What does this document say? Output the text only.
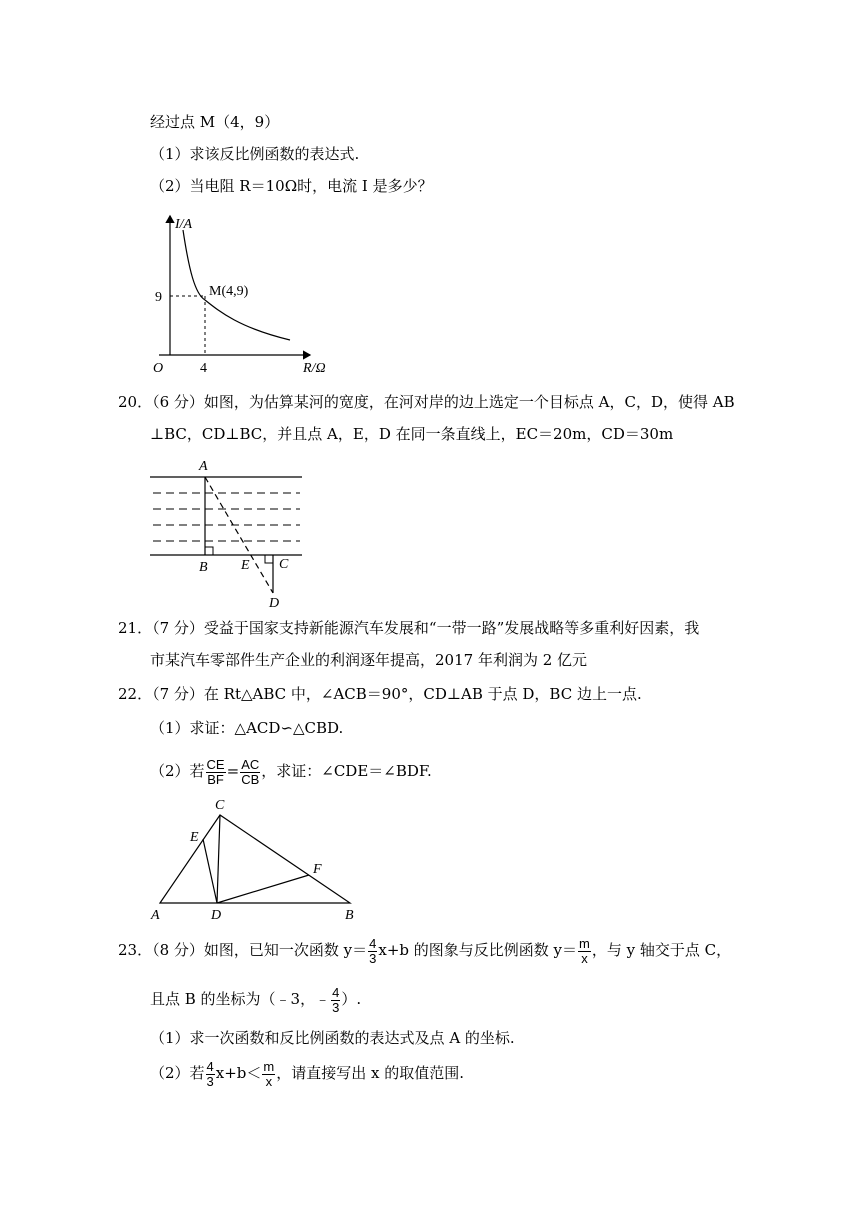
经过点 M（4，9）
（1）求该反比例函数的表达式.
（2）当电阻 R＝10Ω时，电流 I 是多少？
I/A
R/Ω
O	4
9	M(4,9)
20．（6 分）如图，为估算某河的宽度，在河对岸的边上选定一个目标点 A，C，D，使得 AB
⊥BC，CD⊥BC，并且点 A，E，D 在同一条直线上，EC＝20m，CD＝30m
A
B E C
D
21．（7 分）受益于国家支持新能源汽车发展和“一带一路”发展战略等多重利好因素，我
市某汽车零部件生产企业的利润逐年提高，2017 年利润为 2 亿元
22．（7 分）在 Rt△ABC 中，∠ACB＝90°，CD⊥AB 于点 D，BC 边上一点.
（1）求证：△ACD∽△CBD.
（2）若 $\frac{CE}{BF} = \frac{AC}{CB}$ ，求证：∠CDE＝∠BDF.
C
E
F
A	D	B
23．（8 分）如图，已知一次函数 $y= \frac{4}{3} x+b$ 的图象与反比例函数 $y= \frac{m}{x}$ ，与 y 轴交于点 C，
且点 B 的坐标为（﹣3，﹣ $\frac{4}{3}$ ）.
（1）求一次函数和反比例函数的表达式及点 A 的坐标.
（2）若 $\frac{4}{3} x+b< \frac{m}{x}$ ，请直接写出 x 的取值范围.
